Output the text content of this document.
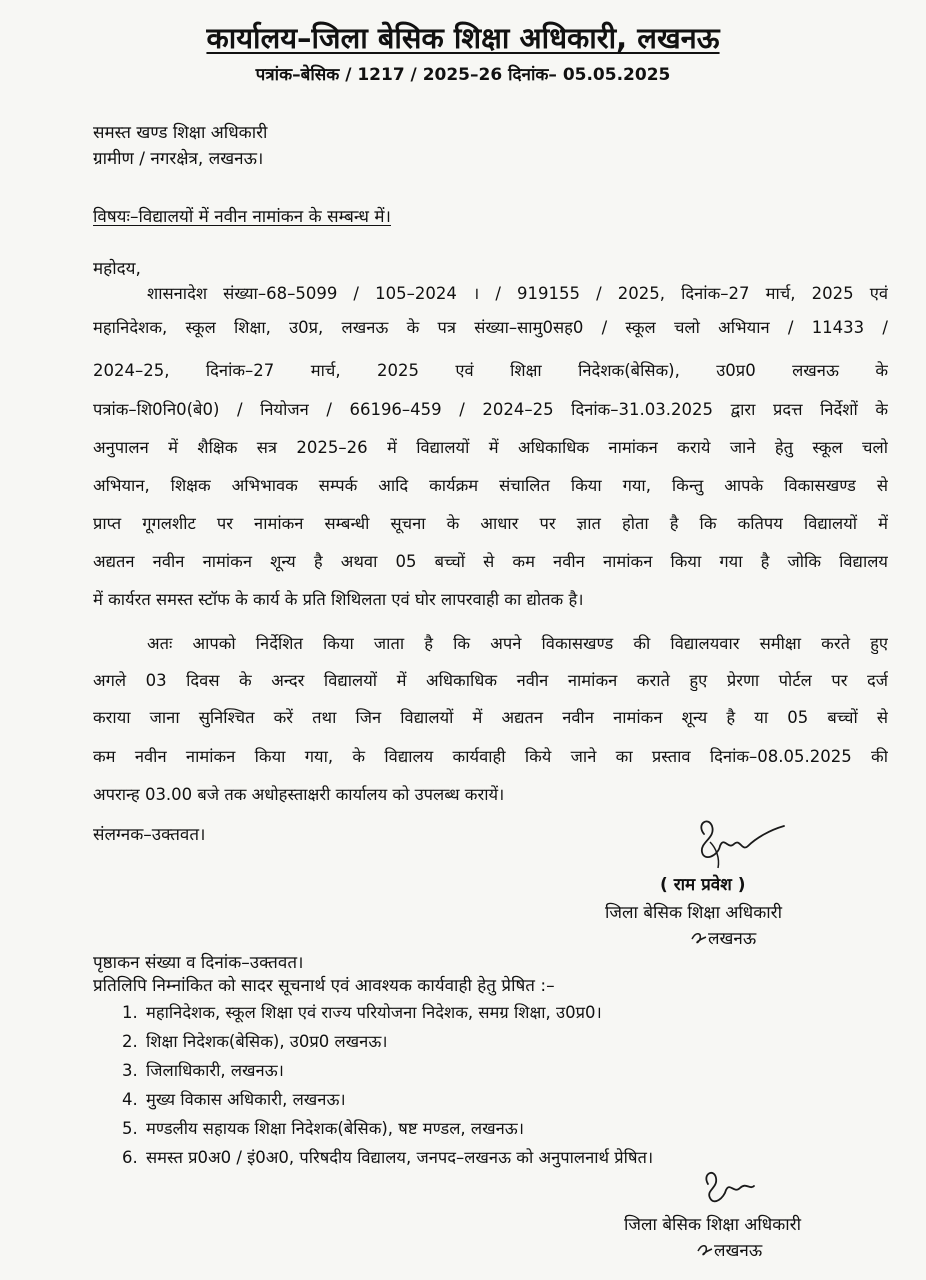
कार्यालय–जिला बेसिक शिक्षा अधिकारी, लखनऊ
पत्रांक–बेसिक / 1217 / 2025–26 दिनांक– 05.05.2025
समस्त खण्ड शिक्षा अधिकारी
ग्रामीण / नगरक्षेत्र, लखनऊ।
विषयः–विद्यालयों में नवीन नामांकन के सम्बन्ध में।
महोदय,
शासनादेश संख्या–68–5099 / 105–2024 । / 919155 / 2025, दिनांक–27 मार्च, 2025 एवं
महानिदेशक, स्कूल शिक्षा, उ0प्र, लखनऊ के पत्र संख्या–सामु0सह0 / स्कूल चलो अभियान / 11433 /
2024–25, दिनांक–27 मार्च, 2025 एवं शिक्षा निदेशक(बेसिक), उ0प्र0 लखनऊ के
पत्रांक–शि0नि0(बे0) / नियोजन / 66196–459 / 2024–25 दिनांक–31.03.2025 द्वारा प्रदत्त निर्देशों के
अनुपालन में शैक्षिक सत्र 2025–26 में विद्यालयों में अधिकाधिक नामांकन कराये जाने हेतु स्कूल चलो
अभियान, शिक्षक अभिभावक सम्पर्क आदि कार्यक्रम संचालित किया गया, किन्तु आपके विकासखण्ड से
प्राप्त गूगलशीट पर नामांकन सम्बन्धी सूचना के आधार पर ज्ञात होता है कि कतिपय विद्यालयों में
अद्यतन नवीन नामांकन शून्य है अथवा 05 बच्चों से कम नवीन नामांकन किया गया है जोकि विद्यालय
में कार्यरत समस्त स्टॉफ के कार्य के प्रति शिथिलता एवं घोर लापरवाही का द्योतक है।
अतः आपको निर्देशित किया जाता है कि अपने विकासखण्ड की विद्यालयवार समीक्षा करते हुए
अगले 03 दिवस के अन्दर विद्यालयों में अधिकाधिक नवीन नामांकन कराते हुए प्रेरणा पोर्टल पर दर्ज
कराया जाना सुनिश्चित करें तथा जिन विद्यालयों में अद्यतन नवीन नामांकन शून्य है या 05 बच्चों से
कम नवीन नामांकन किया गया, के विद्यालय कार्यवाही किये जाने का प्रस्ताव दिनांक–08.05.2025 की
अपरान्ह 03.00 बजे तक अधोहस्ताक्षरी कार्यालय को उपलब्ध करायें।
संलग्नक–उक्तवत।
( राम प्रवेश )
जिला बेसिक शिक्षा अधिकारी
लखनऊ
पृष्ठाकन संख्या व दिनांक–उक्तवत।
प्रतिलिपि निम्नांकित को सादर सूचनार्थ एवं आवश्यक कार्यवाही हेतु प्रेषित :–
1. महानिदेशक, स्कूल शिक्षा एवं राज्य परियोजना निदेशक, समग्र शिक्षा, उ0प्र0।
2. शिक्षा निदेशक(बेसिक), उ0प्र0 लखनऊ।
3. जिलाधिकारी, लखनऊ।
4. मुख्य विकास अधिकारी, लखनऊ।
5. मण्डलीय सहायक शिक्षा निदेशक(बेसिक), षष्ट मण्डल, लखनऊ।
6. समस्त प्र0अ0 / इं0अ0, परिषदीय विद्यालय, जनपद–लखनऊ को अनुपालनार्थ प्रेषित।
जिला बेसिक शिक्षा अधिकारी
लखनऊ
